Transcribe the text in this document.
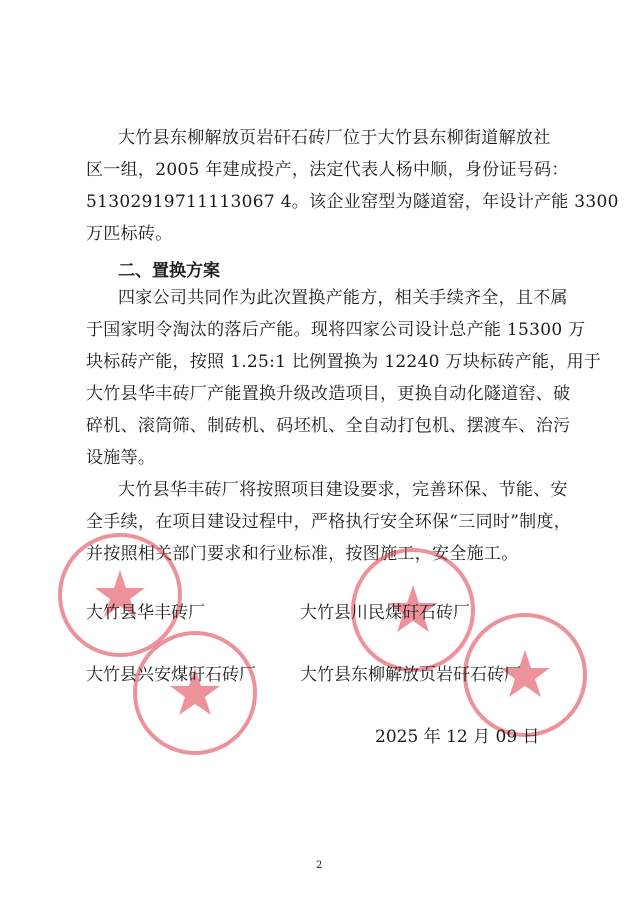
大竹县东柳解放页岩矸石砖厂位于大竹县东柳街道解放社
区一组，2005 年建成投产，法定代表人杨中顺，身份证号码：
51302919711113067 4。该企业窑型为隧道窑，年设计产能 3300
万匹标砖。
二、置换方案
四家公司共同作为此次置换产能方，相关手续齐全，且不属
于国家明令淘汰的落后产能。现将四家公司设计总产能 15300 万
块标砖产能，按照 1.25:1 比例置换为 12240 万块标砖产能，用于
大竹县华丰砖厂产能置换升级改造项目，更换自动化隧道窑、破
碎机、滚筒筛、制砖机、码坯机、全自动打包机、摆渡车、治污
设施等。
大竹县华丰砖厂将按照项目建设要求，完善环保、节能、安
全手续，在项目建设过程中，严格执行安全环保“三同时”制度，
并按照相关部门要求和行业标准，按图施工，安全施工。
大竹县华丰砖厂	大竹县川民煤矸石砖厂
大竹县兴安煤矸石砖厂	大竹县东柳解放页岩矸石砖厂
2025 年 12 月 09 日
2
